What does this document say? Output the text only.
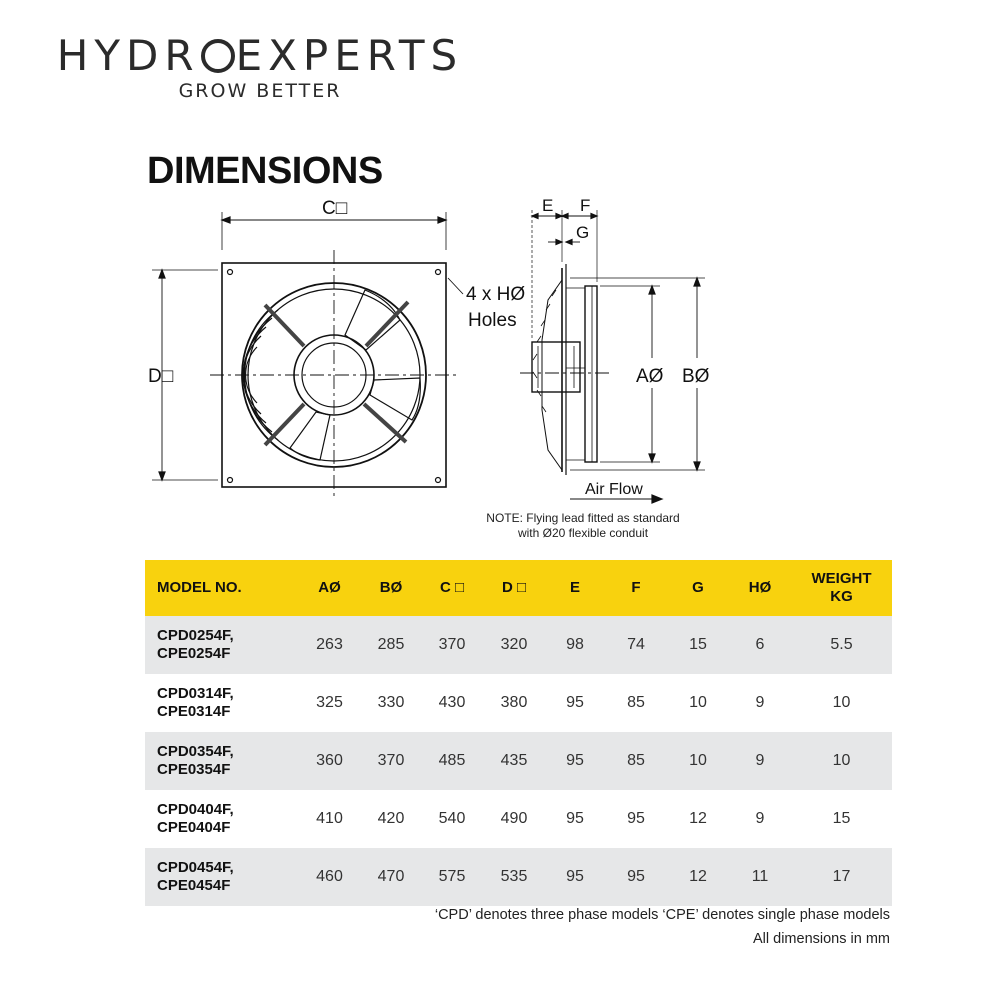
HYDR EXPERTS
GROW BETTER
DIMENSIONS
C□
D□
4 x HØ
Holes
E F
G
AØ BØ
Air Flow
NOTE: Flying lead fitted as standard
with Ø20 flexible conduit
MODEL NO.	AØ	BØ	C □	D □	E	F	G	HØ	WEIGHT
KG
CPD0254F,
CPE0254F	263	285	370	320	98	74	15	6	5.5
CPD0314F,
CPE0314F	325	330	430	380	95	85	10	9	10
CPD0354F,
CPE0354F	360	370	485	435	95	85	10	9	10
CPD0404F,
CPE0404F	410	420	540	490	95	95	12	9	15
CPD0454F,
CPE0454F	460	470	575	535	95	95	12	11	17
‘CPD’ denotes three phase models ‘CPE’ denotes single phase models
All dimensions in mm
